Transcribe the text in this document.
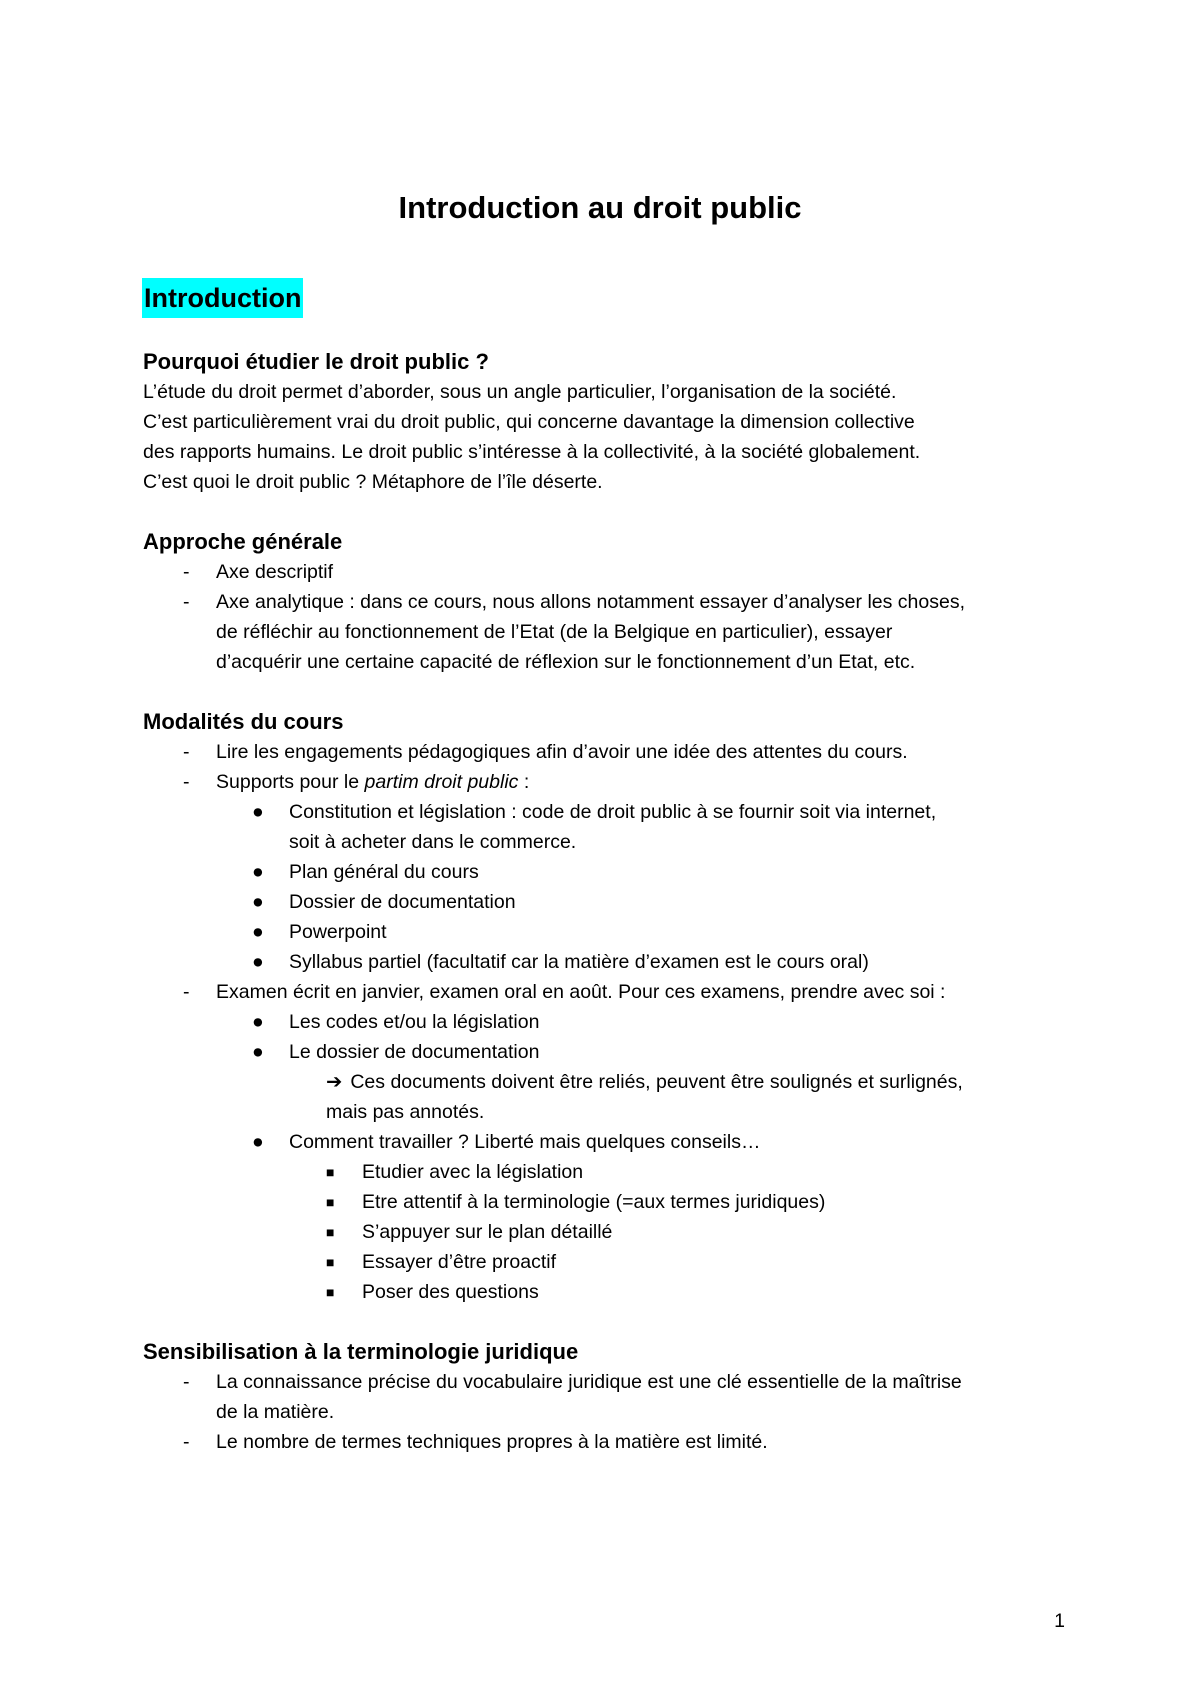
Introduction au droit public
Introduction
Pourquoi étudier le droit public ?

L’étude du droit permet d’aborder, sous un angle particulier, l’organisation de la société.

C’est particulièrement vrai du droit public, qui concerne davantage la dimension collective

des rapports humains. Le droit public s’intéresse à la collectivité, à la société globalement.

C’est quoi le droit public ? Métaphore de l’île déserte.

Approche générale
- Axe descriptif
- Axe analytique : dans ce cours, nous allons notamment essayer d’analyser les choses,
de réfléchir au fonctionnement de l’Etat (de la Belgique en particulier), essayer
d’acquérir une certaine capacité de réflexion sur le fonctionnement d’un Etat, etc.
Modalités du cours
- Lire les engagements pédagogiques afin d’avoir une idée des attentes du cours.
- Supports pour le partim droit public :
● Constitution et législation : code de droit public à se fournir soit via internet,
soit à acheter dans le commerce.
● Plan général du cours
● Dossier de documentation
● Powerpoint
● Syllabus partiel (facultatif car la matière d’examen est le cours oral)
- Examen écrit en janvier, examen oral en août. Pour ces examens, prendre avec soi :
● Les codes et/ou la législation
● Le dossier de documentation
➔ Ces documents doivent être reliés, peuvent être soulignés et surlignés,
mais pas annotés.
● Comment travailler ? Liberté mais quelques conseils…
■ Etudier avec la législation
■ Etre attentif à la terminologie (=aux termes juridiques)
■ S’appuyer sur le plan détaillé
■ Essayer d’être proactif
■ Poser des questions
Sensibilisation à la terminologie juridique
- La connaissance précise du vocabulaire juridique est une clé essentielle de la maîtrise
de la matière.
- Le nombre de termes techniques propres à la matière est limité.
1
